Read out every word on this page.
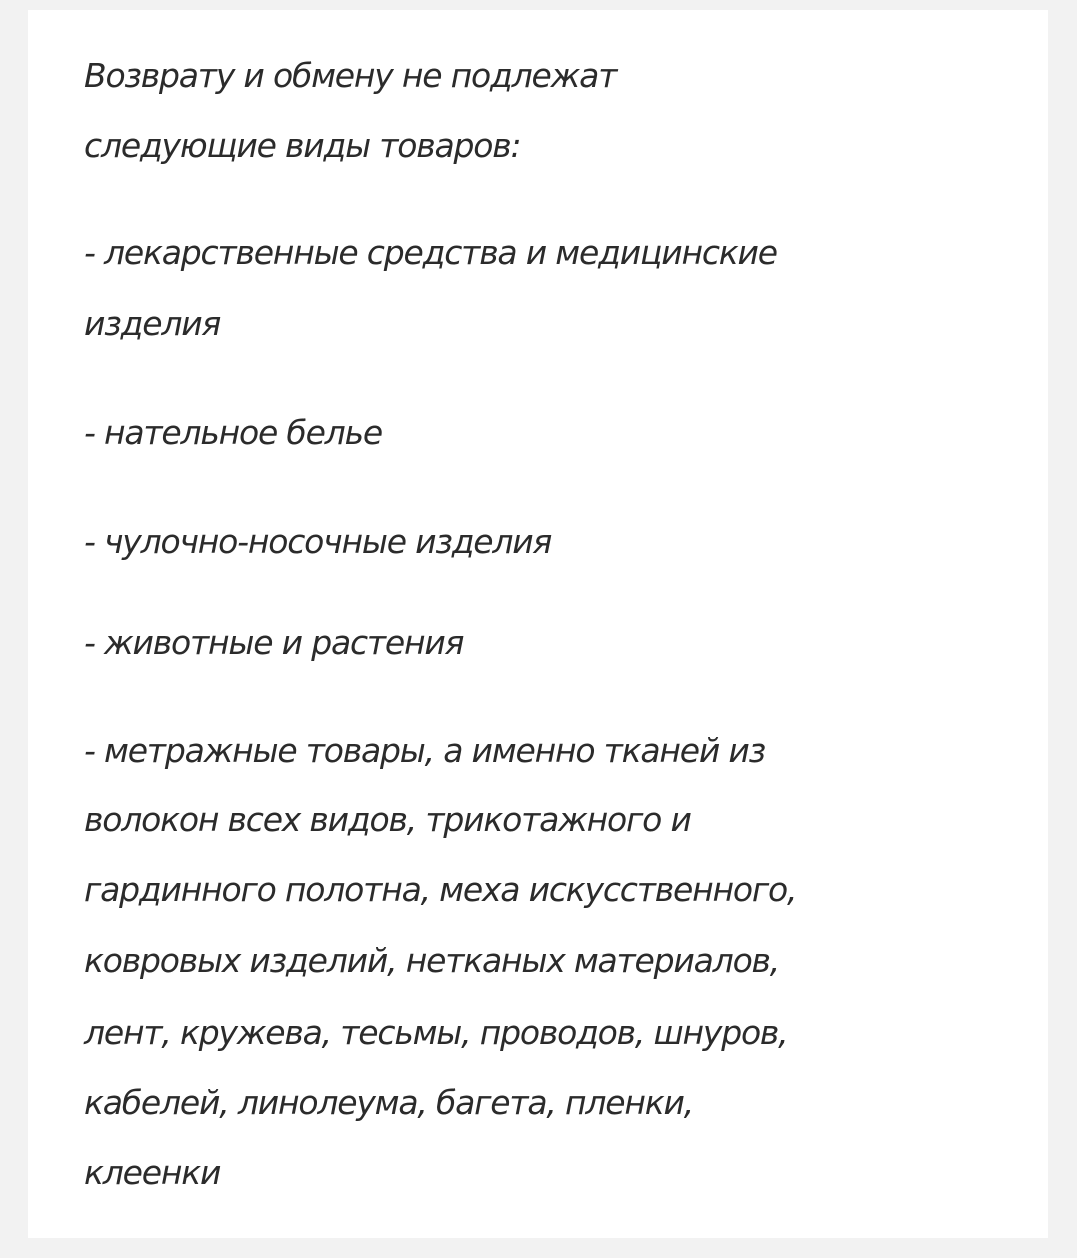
Возврату и обмену не подлежат
следующие виды товаров:
- лекарственные средства и медицинские
изделия
- нательное белье
- чулочно-носочные изделия
- животные и растения
- метражные товары, а именно тканей из
волокон всех видов, трикотажного и
гардинного полотна, меха искусственного,
ковровых изделий, нетканых материалов,
лент, кружева, тесьмы, проводов, шнуров,
кабелей, линолеума, багета, пленки,
клеенки
